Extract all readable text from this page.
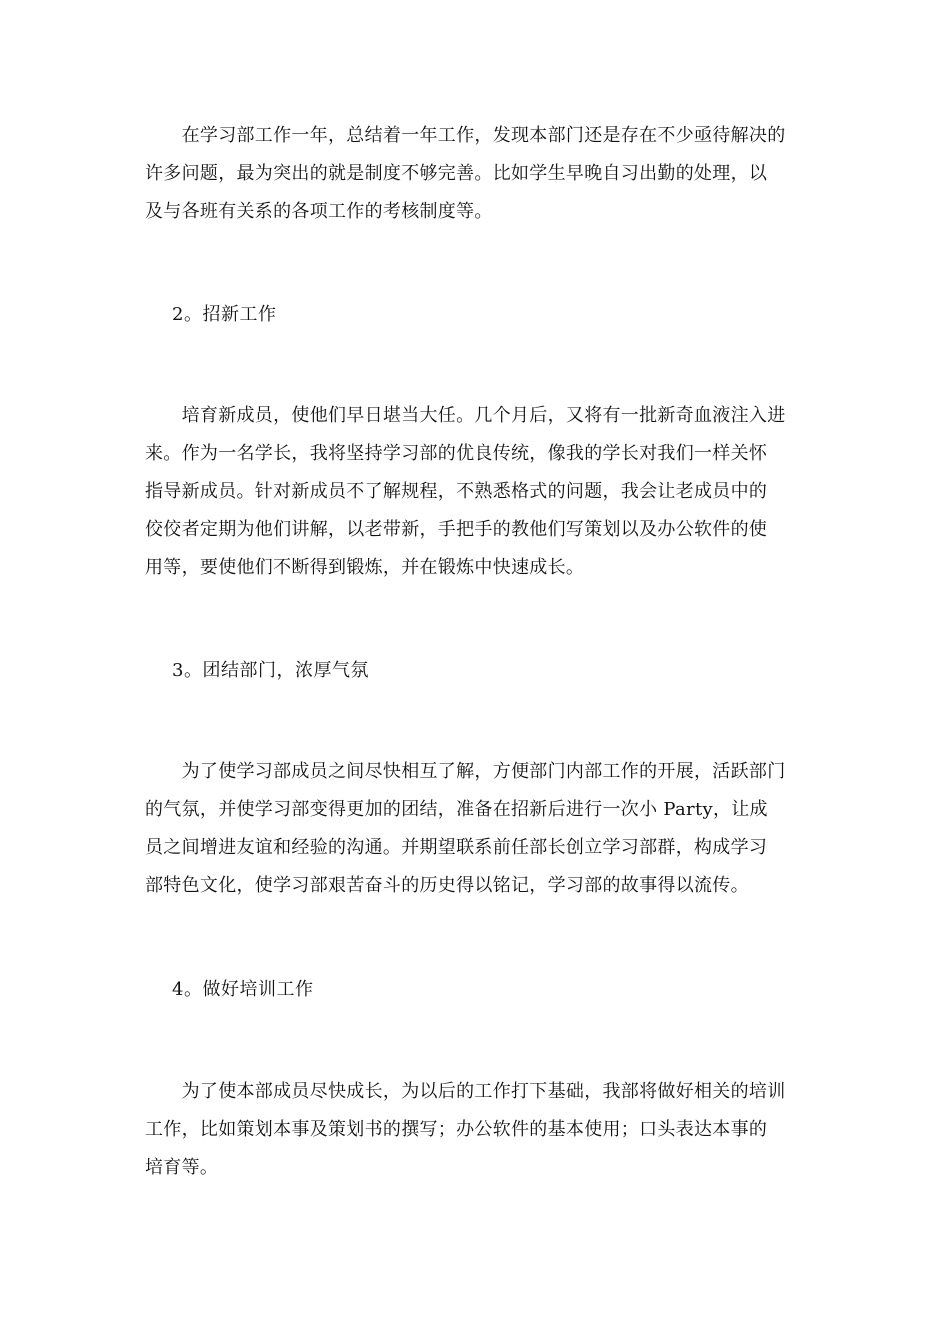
　　在学习部工作一年，总结着一年工作，发现本部门还是存在不少亟待解决的
许多问题，最为突出的就是制度不够完善。比如学生早晚自习出勤的处理，以
及与各班有关系的各项工作的考核制度等。

2。招新工作

　　培育新成员，使他们早日堪当大任。几个月后，又将有一批新奇血液注入进
来。作为一名学长，我将坚持学习部的优良传统，像我的学长对我们一样关怀
指导新成员。针对新成员不了解规程，不熟悉格式的问题，我会让老成员中的
佼佼者定期为他们讲解，以老带新，手把手的教他们写策划以及办公软件的使
用等，要使他们不断得到锻炼，并在锻炼中快速成长。

3。团结部门，浓厚气氛

　　为了使学习部成员之间尽快相互了解，方便部门内部工作的开展，活跃部门
的气氛，并使学习部变得更加的团结，准备在招新后进行一次小 Party，让成
员之间增进友谊和经验的沟通。并期望联系前任部长创立学习部群，构成学习
部特色文化，使学习部艰苦奋斗的历史得以铭记，学习部的故事得以流传。

4。做好培训工作

　　为了使本部成员尽快成长，为以后的工作打下基础，我部将做好相关的培训
工作，比如策划本事及策划书的撰写；办公软件的基本使用；口头表达本事的
培育等。
